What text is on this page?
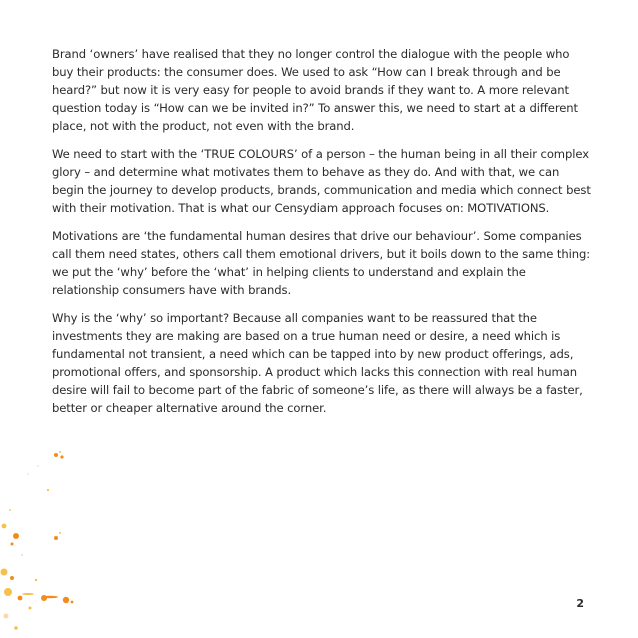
Brand ‘owners’ have realised that they no longer control the dialogue with the people who buy their products: the consumer does. We used to ask “How can I break through and be heard?” but now it is very easy for people to avoid brands if they want to. A more relevant question today is “How can we be invited in?” To answer this, we need to start at a different place, not with the product, not even with the brand.

We need to start with the ‘TRUE COLOURS’ of a person – the human being in all their complex glory – and determine what motivates them to behave as they do. And with that, we can begin the journey to develop products, brands, communication and media which connect best with their motivation. That is what our Censydiam approach focuses on: MOTIVATIONS.

Motivations are ‘the fundamental human desires that drive our behaviour’. Some companies call them need states, others call them emotional drivers, but it boils down to the same thing: we put the ‘why’ before the ‘what’ in helping clients to understand and explain the relationship consumers have with brands.

Why is the ‘why’ so important? Because all companies want to be reassured that the investments they are making are based on a true human need or desire, a need which is fundamental not transient, a need which can be tapped into by new product offerings, ads, promotional offers, and sponsorship. A product which lacks this connection with real human desire will fail to become part of the fabric of someone’s life, as there will always be a faster, better or cheaper alternative around the corner.

2
